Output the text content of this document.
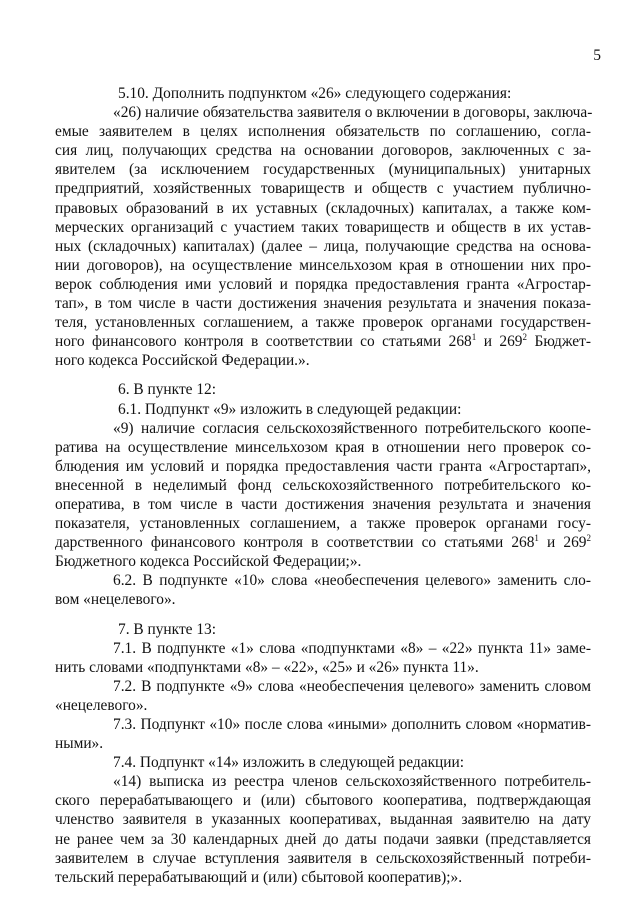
5

5.10. Дополнить подпунктом «26» следующего содержания:

«26) наличие обязательства заявителя о включении в договоры, заключа-

емые заявителем в целях исполнения обязательств по соглашению, согла-

сия лиц, получающих средства на основании договоров, заключенных с за-

явителем (за исключением государственных (муниципальных) унитарных

предприятий, хозяйственных товариществ и обществ с участием публично-

правовых образований в их уставных (складочных) капиталах, а также ком-

мерческих организаций с участием таких товариществ и обществ в их устав-

ных (складочных) капиталах) (далее – лица, получающие средства на основа-

нии договоров), на осуществление минсельхозом края в отношении них про-

верок соблюдения ими условий и порядка предоставления гранта «Агростар-

тап», в том числе в части достижения значения результата и значения показа-

теля, установленных соглашением, а также проверок органами государствен-

ного финансового контроля в соответствии со статьями $268^1$ и $269^2$ Бюджет-

ного кодекса Российской Федерации.».

6. В пункте 12:

6.1. Подпункт «9» изложить в следующей редакции:

«9) наличие согласия сельскохозяйственного потребительского коопе-

ратива на осуществление минсельхозом края в отношении него проверок со-

блюдения им условий и порядка предоставления части гранта «Агростартап»,

внесенной в неделимый фонд сельскохозяйственного потребительского ко-

оператива, в том числе в части достижения значения результата и значения

показателя, установленных соглашением, а также проверок органами госу-

дарственного финансового контроля в соответствии со статьями $268^1$ и $269^2$

Бюджетного кодекса Российской Федерации;».

6.2. В подпункте «10» слова «необеспечения целевого» заменить сло-

вом «нецелевого».

7. В пункте 13:

7.1. В подпункте «1» слова «подпунктами «8» – «22» пункта 11» заме-

нить словами «подпунктами «8» – «22», «25» и «26» пункта 11».

7.2. В подпункте «9» слова «необеспечения целевого» заменить словом

«нецелевого».

7.3. Подпункт «10» после слова «иными» дополнить словом «норматив-

ными».

7.4. Подпункт «14» изложить в следующей редакции:

«14) выписка из реестра членов сельскохозяйственного потребитель-

ского перерабатывающего и (или) сбытового кооператива, подтверждающая

членство заявителя в указанных кооперативах, выданная заявителю на дату

не ранее чем за 30 календарных дней до даты подачи заявки (представляется

заявителем в случае вступления заявителя в сельскохозяйственный потреби-

тельский перерабатывающий и (или) сбытовой кооператив);».
